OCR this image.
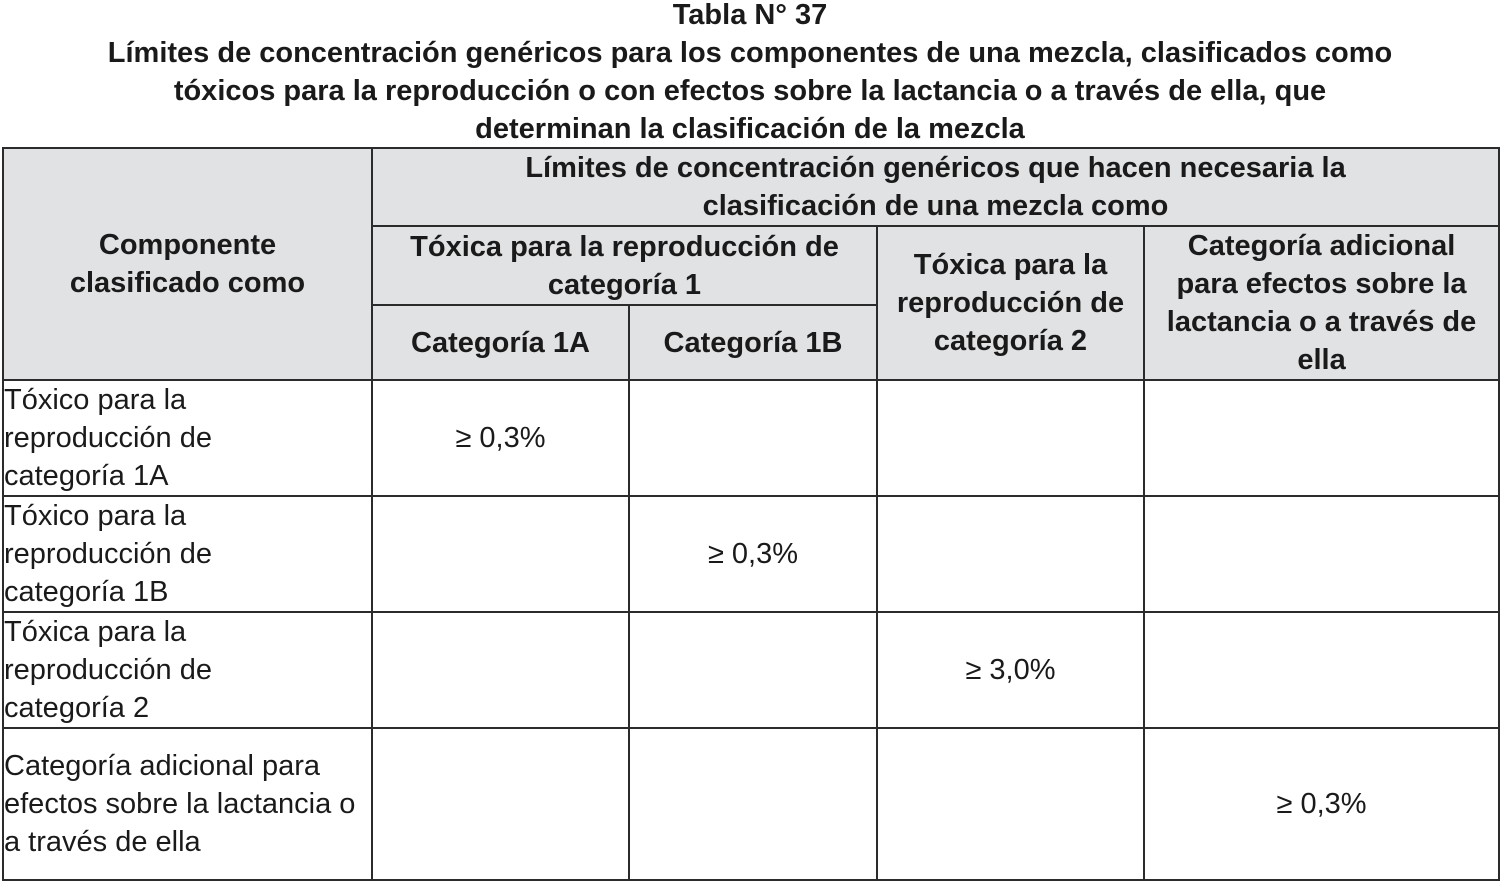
Tabla N° 37
Límites de concentración genéricos para los componentes de una mezcla, clasificados como
tóxicos para la reproducción o con efectos sobre la lactancia o a través de ella, que
determinan la clasificación de la mezcla
Componente clasificado como	Límites de concentración genéricos que hacen necesaria la clasificación de una mezcla como			
	Tóxica para la reproducción de categoría 1		Tóxica para la reproducción de categoría 2	Categoría adicional para efectos sobre la lactancia o a través de ella
	Categoría 1A	Categoría 1B		
Tóxico para la reproducción de categoría 1A	≥ 0,3%			
Tóxico para la reproducción de categoría 1B		≥ 0,3%		
Tóxica para la reproducción de categoría 2			≥ 3,0%	
Categoría adicional para efectos sobre la lactancia o a través de ella				≥ 0,3%
